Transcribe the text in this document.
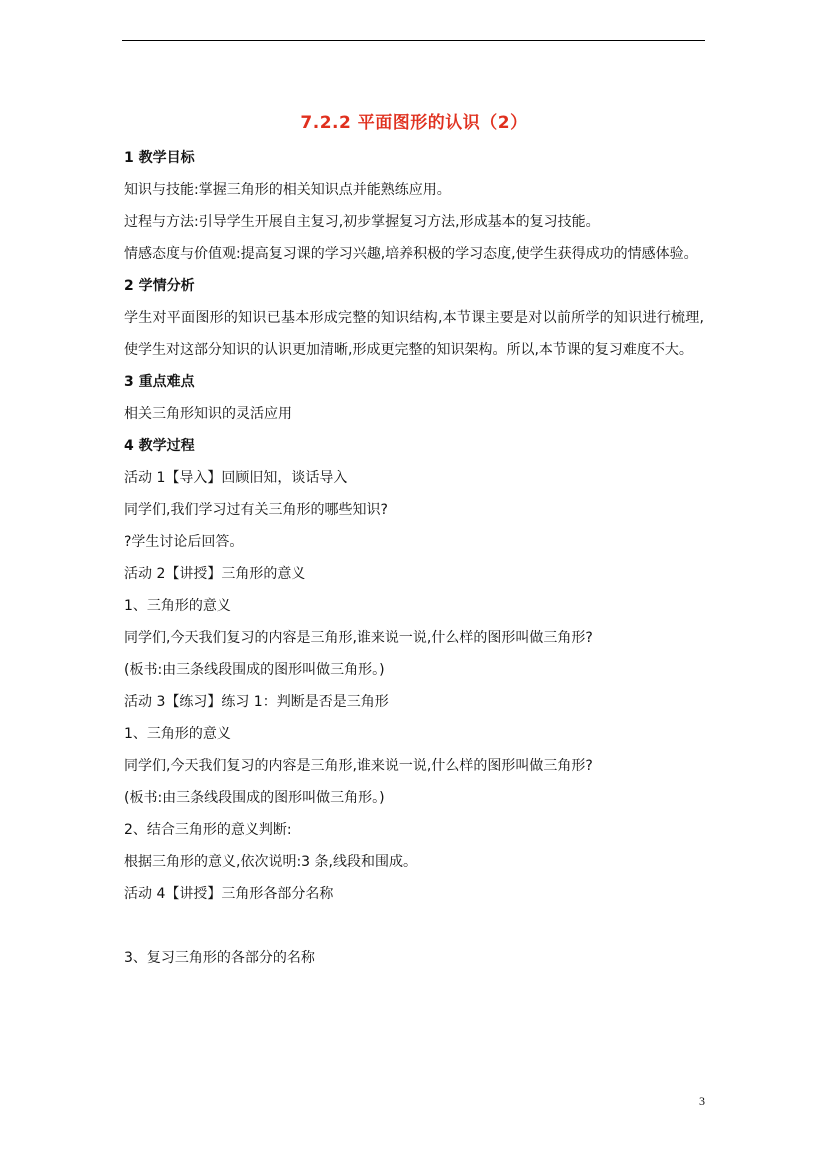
7.2.2 平面图形的认识（2）
1 教学目标

知识与技能:掌握三角形的相关知识点并能熟练应用。

过程与方法:引导学生开展自主复习,初步掌握复习方法,形成基本的复习技能。

情感态度与价值观:提高复习课的学习兴趣,培养积极的学习态度,使学生获得成功的情感体验。

2 学情分析

学生对平面图形的知识已基本形成完整的知识结构,本节课主要是对以前所学的知识进行梳理,使学生对这部分知识的认识更加清晰,形成更完整的知识架构。所以,本节课的复习难度不大。

3 重点难点

相关三角形知识的灵活应用

4 教学过程

活动 1【导入】回顾旧知，谈话导入

同学们,我们学习过有关三角形的哪些知识?

?学生讨论后回答。

活动 2【讲授】三角形的意义

1、三角形的意义

同学们,今天我们复习的内容是三角形,谁来说一说,什么样的图形叫做三角形?

(板书:由三条线段围成的图形叫做三角形。)

活动 3【练习】练习 1：判断是否是三角形

1、三角形的意义

同学们,今天我们复习的内容是三角形,谁来说一说,什么样的图形叫做三角形?

(板书:由三条线段围成的图形叫做三角形。)

2、结合三角形的意义判断:

根据三角形的意义,依次说明:3 条,线段和围成。

活动 4【讲授】三角形各部分名称

3、复习三角形的各部分的名称

3
